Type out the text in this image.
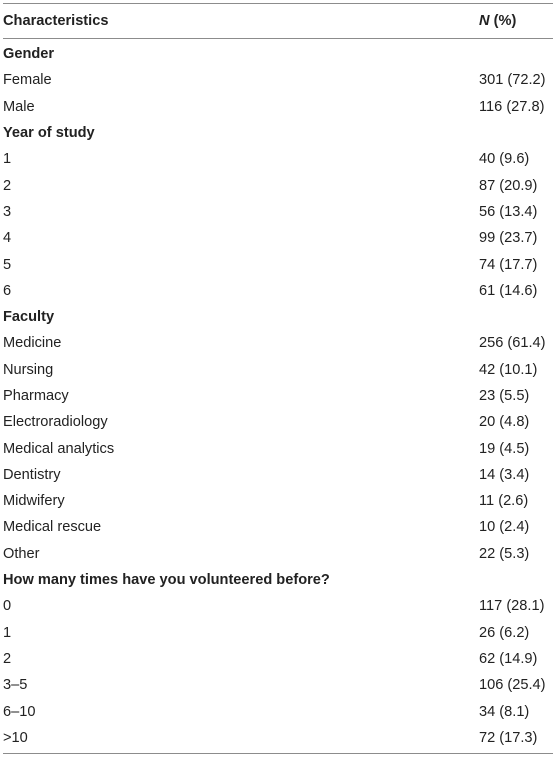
Characteristics	N (%)
Gender
Female	301 (72.2)
Male	116 (27.8)
Year of study
1	40 (9.6)
2	87 (20.9)
3	56 (13.4)
4	99 (23.7)
5	74 (17.7)
6	61 (14.6)
Faculty
Medicine	256 (61.4)
Nursing	42 (10.1)
Pharmacy	23 (5.5)
Electroradiology	20 (4.8)
Medical analytics	19 (4.5)
Dentistry	14 (3.4)
Midwifery	11 (2.6)
Medical rescue	10 (2.4)
Other	22 (5.3)
How many times have you volunteered before?
0	117 (28.1)
1	26 (6.2)
2	62 (14.9)
3–5	106 (25.4)
6–10	34 (8.1)
>10	72 (17.3)
